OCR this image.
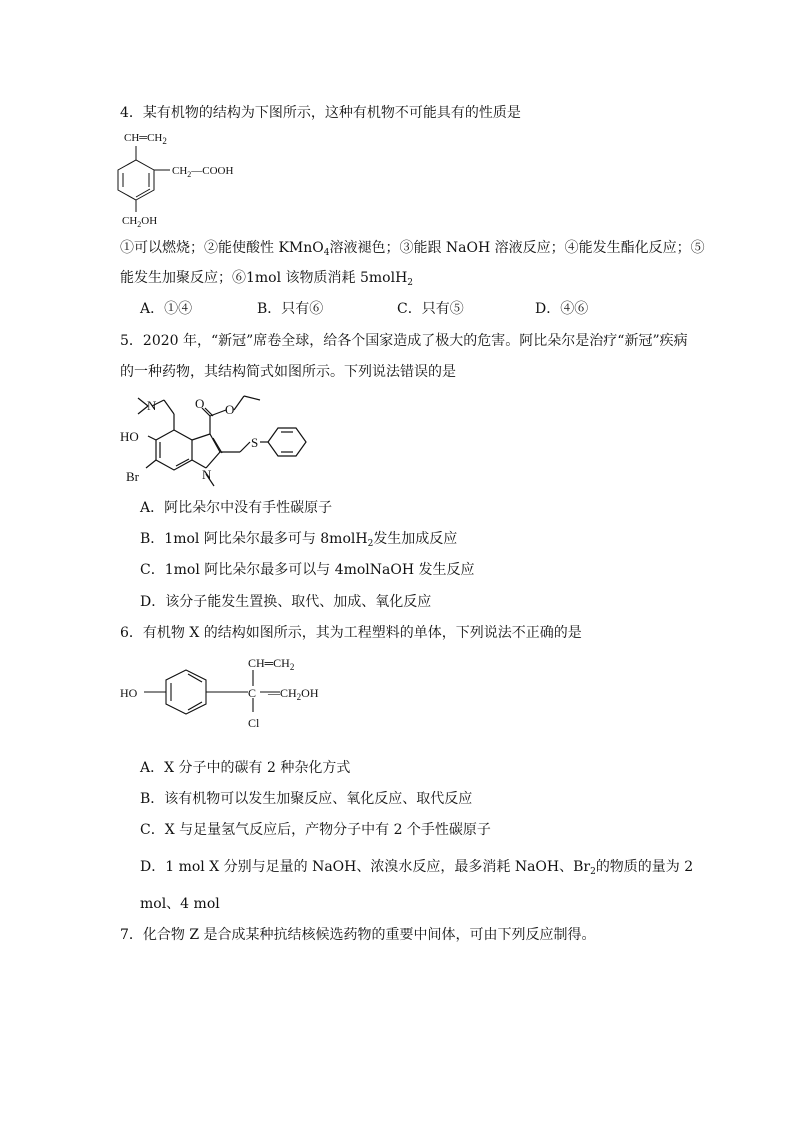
4．某有机物的结构为下图所示，这种有机物不可能具有的性质是
$CH═CH_2$
$CH_2—COOH$
$CH_2OH$
①可以燃烧；②能使酸性 KMnO$_4$溶液褪色；③能跟 NaOH 溶液反应；④能发生酯化反应；⑤
能发生加聚反应；⑥1mol 该物质消耗 5molH$_2$
A．①④	B．只有⑥	C．只有⑤	D．④⑥
5．2020 年，“新冠”席卷全球，给各个国家造成了极大的危害。阿比朵尔是治疗“新冠”疾病
的一种药物，其结构简式如图所示。下列说法错误的是
N
HO
Br	N
O O
S
A．阿比朵尔中没有手性碳原子
B．1mol 阿比朵尔最多可与 8molH$_2$发生加成反应
C．1mol 阿比朵尔最多可以与 4molNaOH 发生反应
D．该分子能发生置换、取代、加成、氧化反应
6．有机物 X 的结构如图所示，其为工程塑料的单体，下列说法不正确的是
$CH═CH_2$
HO	C $—CH_2OH$
Cl
A．X 分子中的碳有 2 种杂化方式
B．该有机物可以发生加聚反应、氧化反应、取代反应
C．X 与足量氢气反应后，产物分子中有 2 个手性碳原子
D．1 mol X 分别与足量的 NaOH、浓溴水反应，最多消耗 NaOH、$Br_2$的物质的量为 2
mol、4 mol
7．化合物 Z 是合成某种抗结核候选药物的重要中间体，可由下列反应制得。
